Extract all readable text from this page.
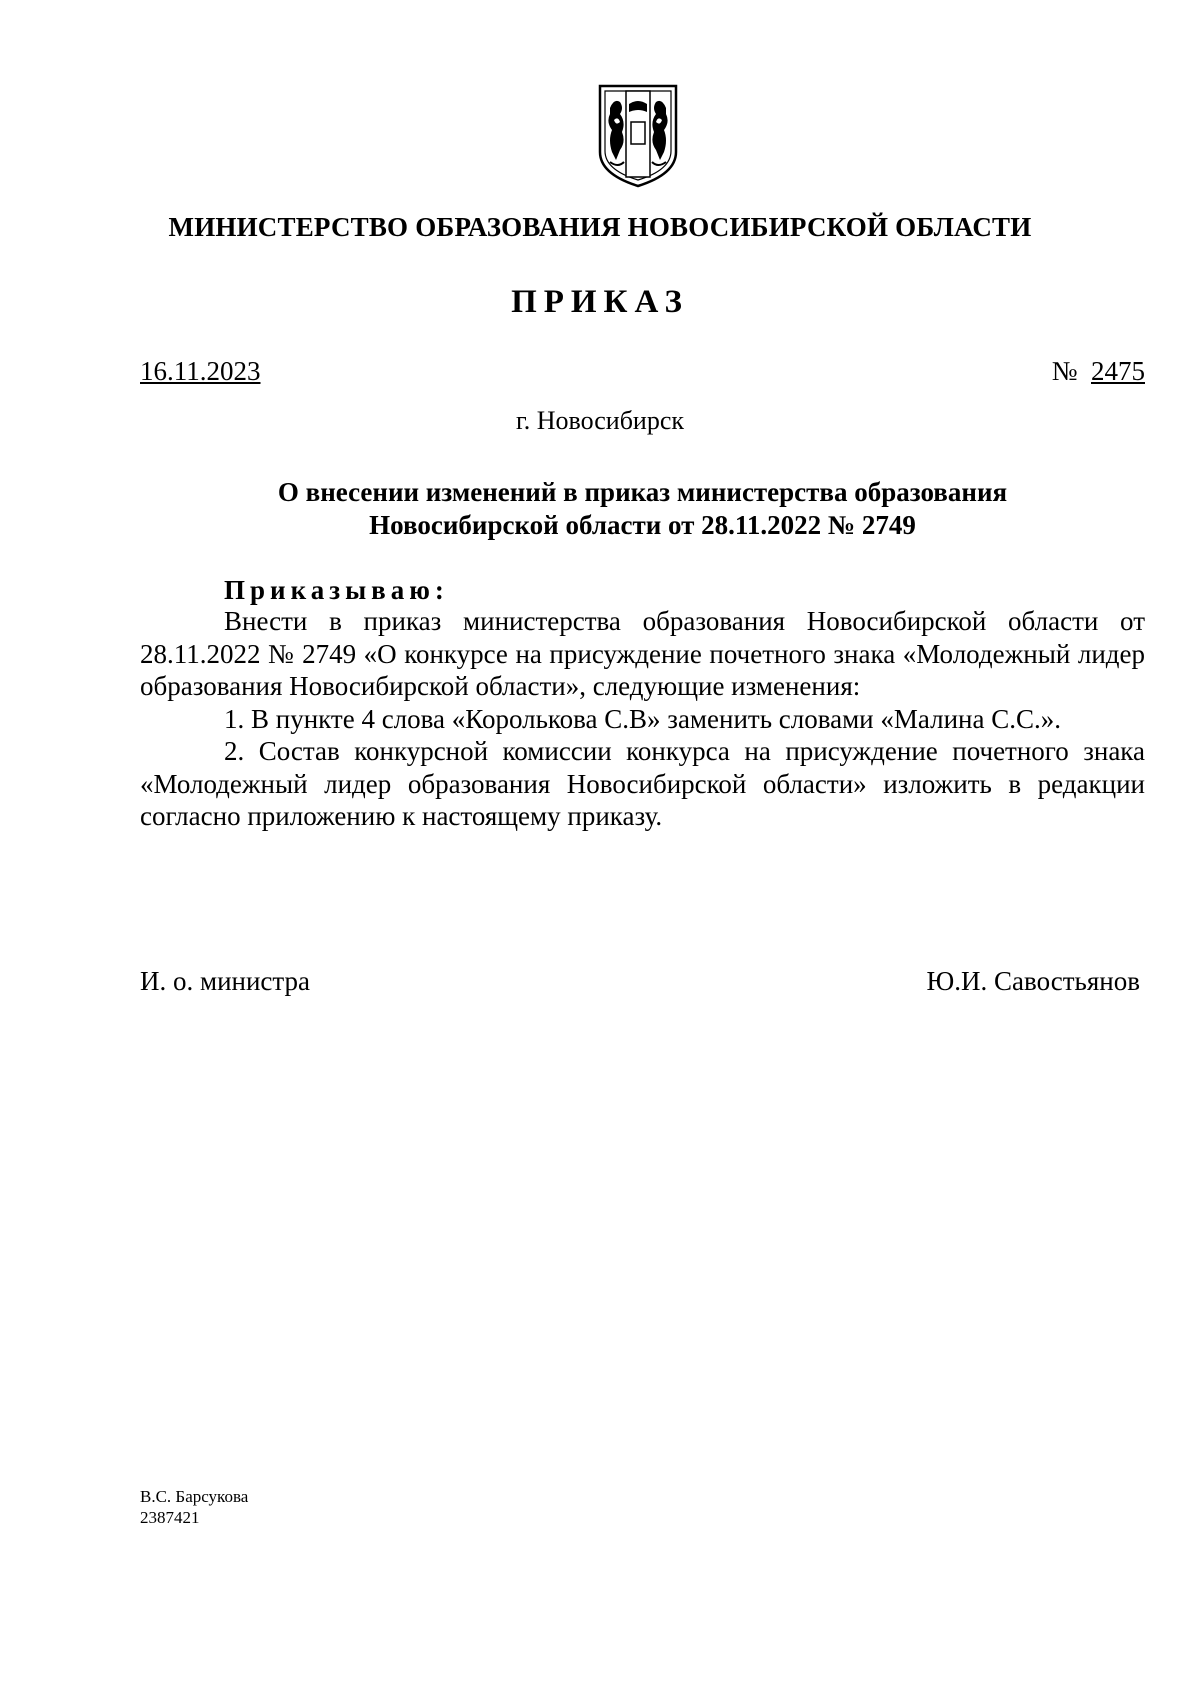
МИНИСТЕРСТВО ОБРАЗОВАНИЯ НОВОСИБИРСКОЙ ОБЛАСТИ
ПРИКАЗ
16.11.2023	№ 2475
г. Новосибирск
О внесении изменений в приказ министерства образования
Новосибирской области от 28.11.2022 № 2749
Приказываю:

Внести в приказ министерства образования Новосибирской области от 28.11.2022 № 2749 «О конкурсе на присуждение почетного знака «Молодежный лидер образования Новосибирской области», следующие изменения:

1. В пункте 4 слова «Королькова С.В» заменить словами «Малина С.С.».

2. Состав конкурсной комиссии конкурса на присуждение почетного знака «Молодежный лидер образования Новосибирской области» изложить в редакции согласно приложению к настоящему приказу.

И. о. министра	Ю.И. Савостьянов
В.С. Барсукова
2387421
